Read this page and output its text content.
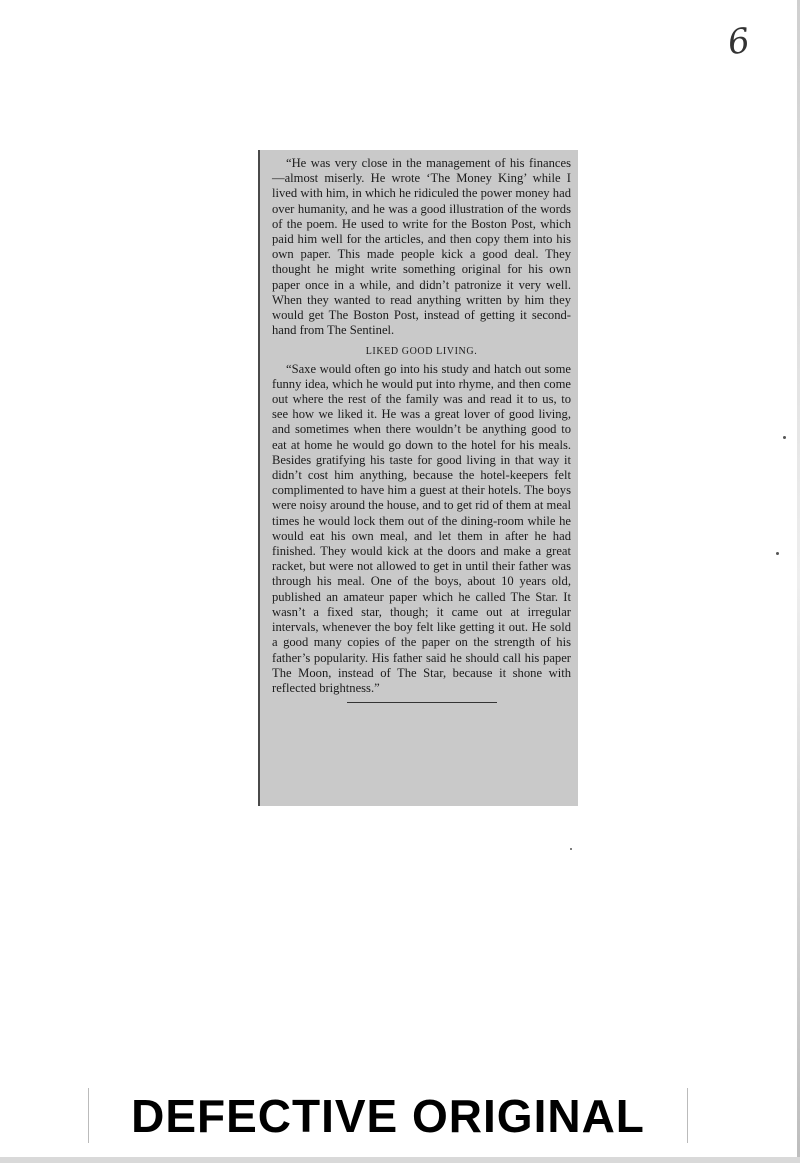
6

“He was very close in the management of his finances—almost miserly. He wrote ‘The Money King’ while I lived with him, in which he ridiculed the power money had over humanity, and he was a good illustration of the words of the poem. He used to write for the Boston Post, which paid him well for the articles, and then copy them into his own paper. This made people kick a good deal. They thought he might write something original for his own paper once in a while, and didn’t patronize it very well. When they wanted to read anything written by him they would get The Boston Post, instead of getting it second-hand from The Sentinel.

LIKED GOOD LIVING.

“Saxe would often go into his study and hatch out some funny idea, which he would put into rhyme, and then come out where the rest of the family was and read it to us, to see how we liked it. He was a great lover of good living, and sometimes when there wouldn’t be anything good to eat at home he would go down to the hotel for his meals. Besides gratifying his taste for good living in that way it didn’t cost him anything, because the hotel-keepers felt complimented to have him a guest at their hotels. The boys were noisy around the house, and to get rid of them at meal times he would lock them out of the dining-room while he would eat his own meal, and let them in after he had finished. They would kick at the doors and make a great racket, but were not allowed to get in until their father was through his meal. One of the boys, about 10 years old, published an amateur paper which he called The Star. It wasn’t a fixed star, though; it came out at irregular intervals, whenever the boy felt like getting it out. He sold a good many copies of the paper on the strength of his father’s popularity. His father said he should call his paper The Moon, instead of The Star, because it shone with reflected brightness.”

DEFECTIVE ORIGINAL
